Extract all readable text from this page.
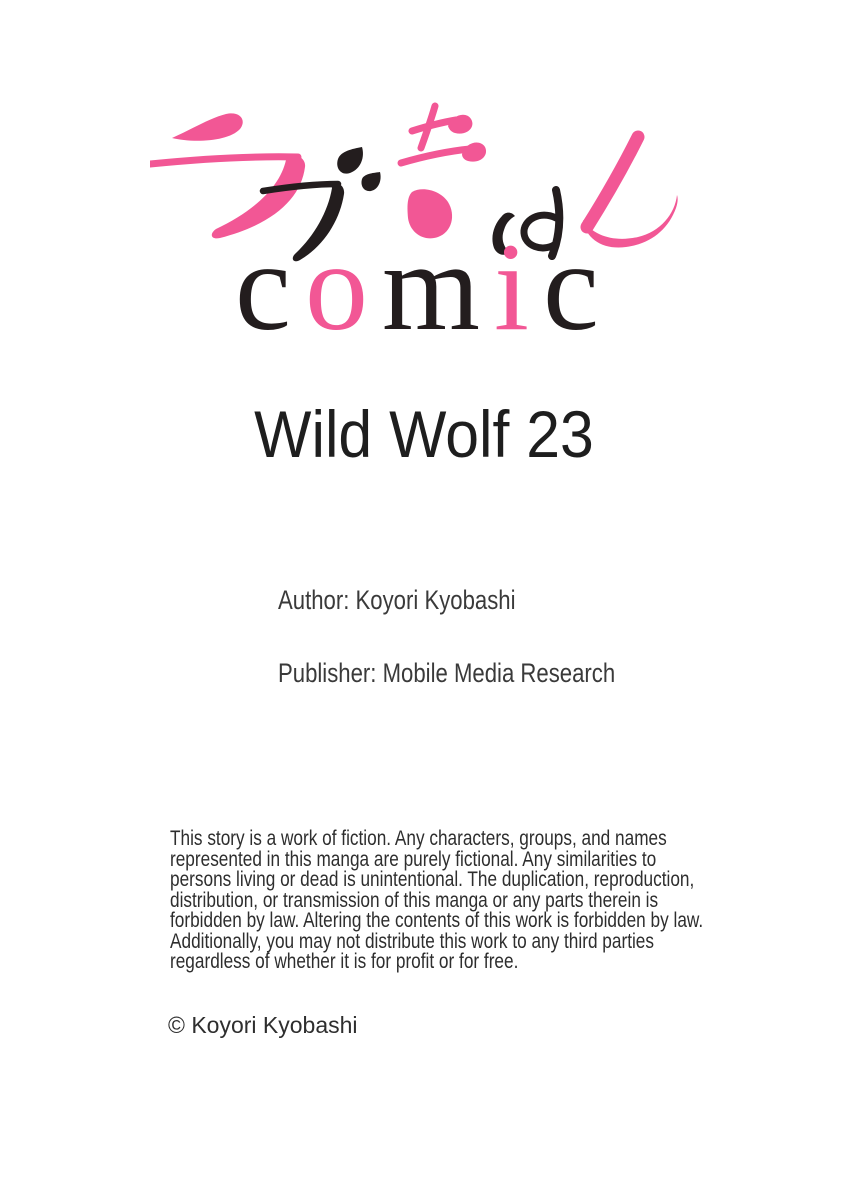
comic
Wild Wolf 23

Author: Koyori Kyobashi

Publisher: Mobile Media Research

This story is a work of fiction. Any characters, groups, and names
represented in this manga are purely fictional. Any similarities to
persons living or dead is unintentional. The duplication, reproduction,
distribution, or transmission of this manga or any parts therein is
forbidden by law. Altering the contents of this work is forbidden by law.
Additionally, you may not distribute this work to any third parties
regardless of whether it is for profit or for free.

© Koyori Kyobashi
